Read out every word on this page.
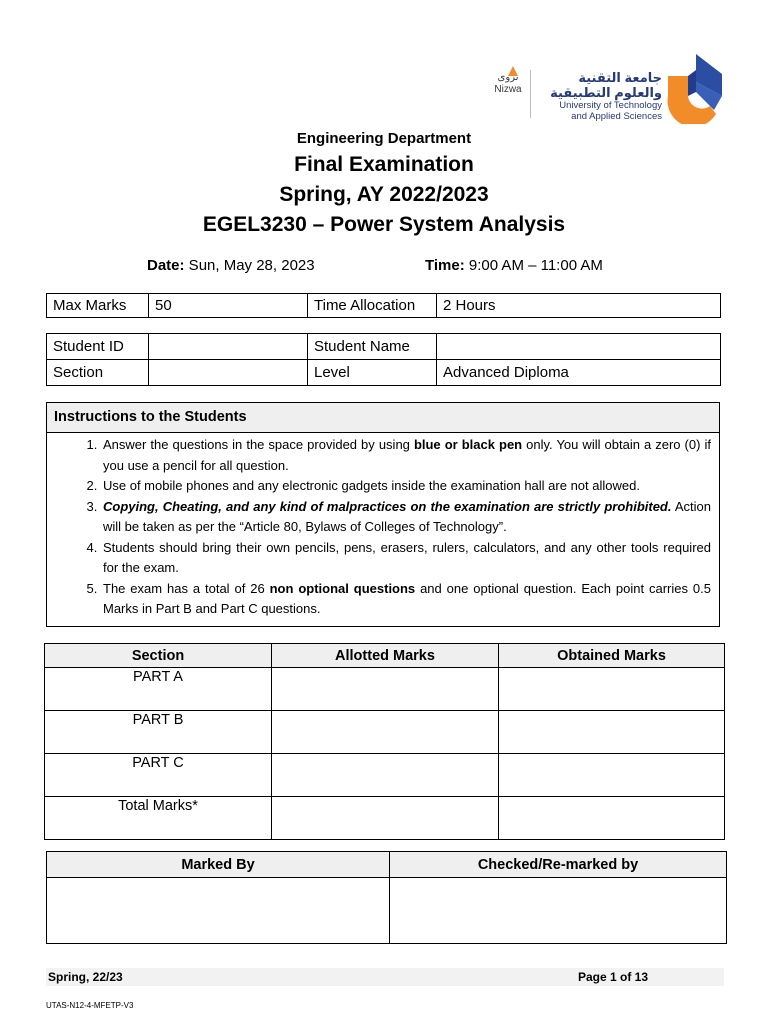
نزوى
Nizwa
جامعة التقنية
والعلوم التطبيقية
University of Technology
and Applied Sciences
Engineering Department
Final Examination
Spring, AY 2022/2023
EGEL3230 – Power System Analysis
Date: Sun, May 28, 2023	Time: 9:00 AM – 11:00 AM
Max Marks	50	Time Allocation	2 Hours
Student ID		Student Name	
Section		Level	Advanced Diploma
Instructions to the Students
1. Answer the questions in the space provided by using blue or black pen only. You will obtain a zero (0) if you use a pencil for all question.
2. Use of mobile phones and any electronic gadgets inside the examination hall are not allowed.
3. Copying, Cheating, and any kind of malpractices on the examination are strictly prohibited. Action will be taken as per the “Article 80, Bylaws of Colleges of Technology”.
4. Students should bring their own pencils, pens, erasers, rulers, calculators, and any other tools required for the exam.
5. The exam has a total of 26 non optional questions and one optional question. Each point carries 0.5 Marks in Part B and Part C questions.
Section	Allotted Marks	Obtained Marks
PART A		
PART B		
PART C		
Total Marks*		
Marked By	Checked/Re-marked by

Spring, 22/23	Page 1 of 13
UTAS-N12-4-MFETP-V3
